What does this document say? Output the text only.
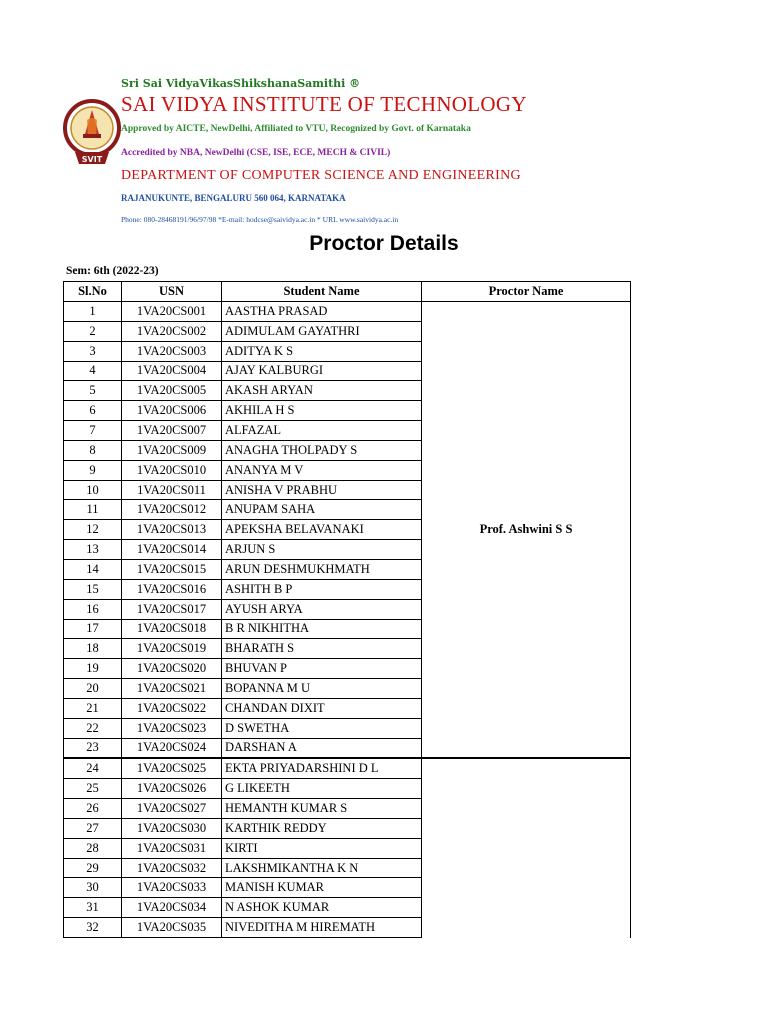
SVIT
Sri Sai VidyaVikasShikshanaSamithi ®
SAI VIDYA INSTITUTE OF TECHNOLOGY
Approved by AICTE, NewDelhi, Affiliated to VTU, Recognized by Govt. of Karnataka
Accredited by NBA, NewDelhi (CSE, ISE, ECE, MECH & CIVIL)
DEPARTMENT OF COMPUTER SCIENCE AND ENGINEERING
RAJANUKUNTE, BENGALURU 560 064, KARNATAKA
Phone: 080-28468191/96/97/98 *E-mail: hodcse@saividya.ac.in * URL www.saividya.ac.in
Proctor Details
Sem: 6th (2022-23)
Sl.No	USN	Student Name	Proctor Name
1	1VA20CS001	AASTHA PRASAD	Prof. Ashwini S S
2	1VA20CS002	ADIMULAM GAYATHRI	
3	1VA20CS003	ADITYA K S	
4	1VA20CS004	AJAY KALBURGI	
5	1VA20CS005	AKASH ARYAN	
6	1VA20CS006	AKHILA H S	
7	1VA20CS007	ALFAZAL	
8	1VA20CS009	ANAGHA THOLPADY S	
9	1VA20CS010	ANANYA M V	
10	1VA20CS011	ANISHA V PRABHU	
11	1VA20CS012	ANUPAM SAHA	
12	1VA20CS013	APEKSHA BELAVANAKI	
13	1VA20CS014	ARJUN S	
14	1VA20CS015	ARUN DESHMUKHMATH	
15	1VA20CS016	ASHITH B P	
16	1VA20CS017	AYUSH ARYA	
17	1VA20CS018	B R NIKHITHA	
18	1VA20CS019	BHARATH S	
19	1VA20CS020	BHUVAN P	
20	1VA20CS021	BOPANNA M U	
21	1VA20CS022	CHANDAN DIXIT	
22	1VA20CS023	D SWETHA	
23	1VA20CS024	DARSHAN A	
24	1VA20CS025	EKTA PRIYADARSHINI D L	
25	1VA20CS026	G LIKEETH	
26	1VA20CS027	HEMANTH KUMAR S	
27	1VA20CS030	KARTHIK REDDY	
28	1VA20CS031	KIRTI	
29	1VA20CS032	LAKSHMIKANTHA K N	
30	1VA20CS033	MANISH KUMAR	
31	1VA20CS034	N ASHOK KUMAR	
32	1VA20CS035	NIVEDITHA M HIREMATH	
